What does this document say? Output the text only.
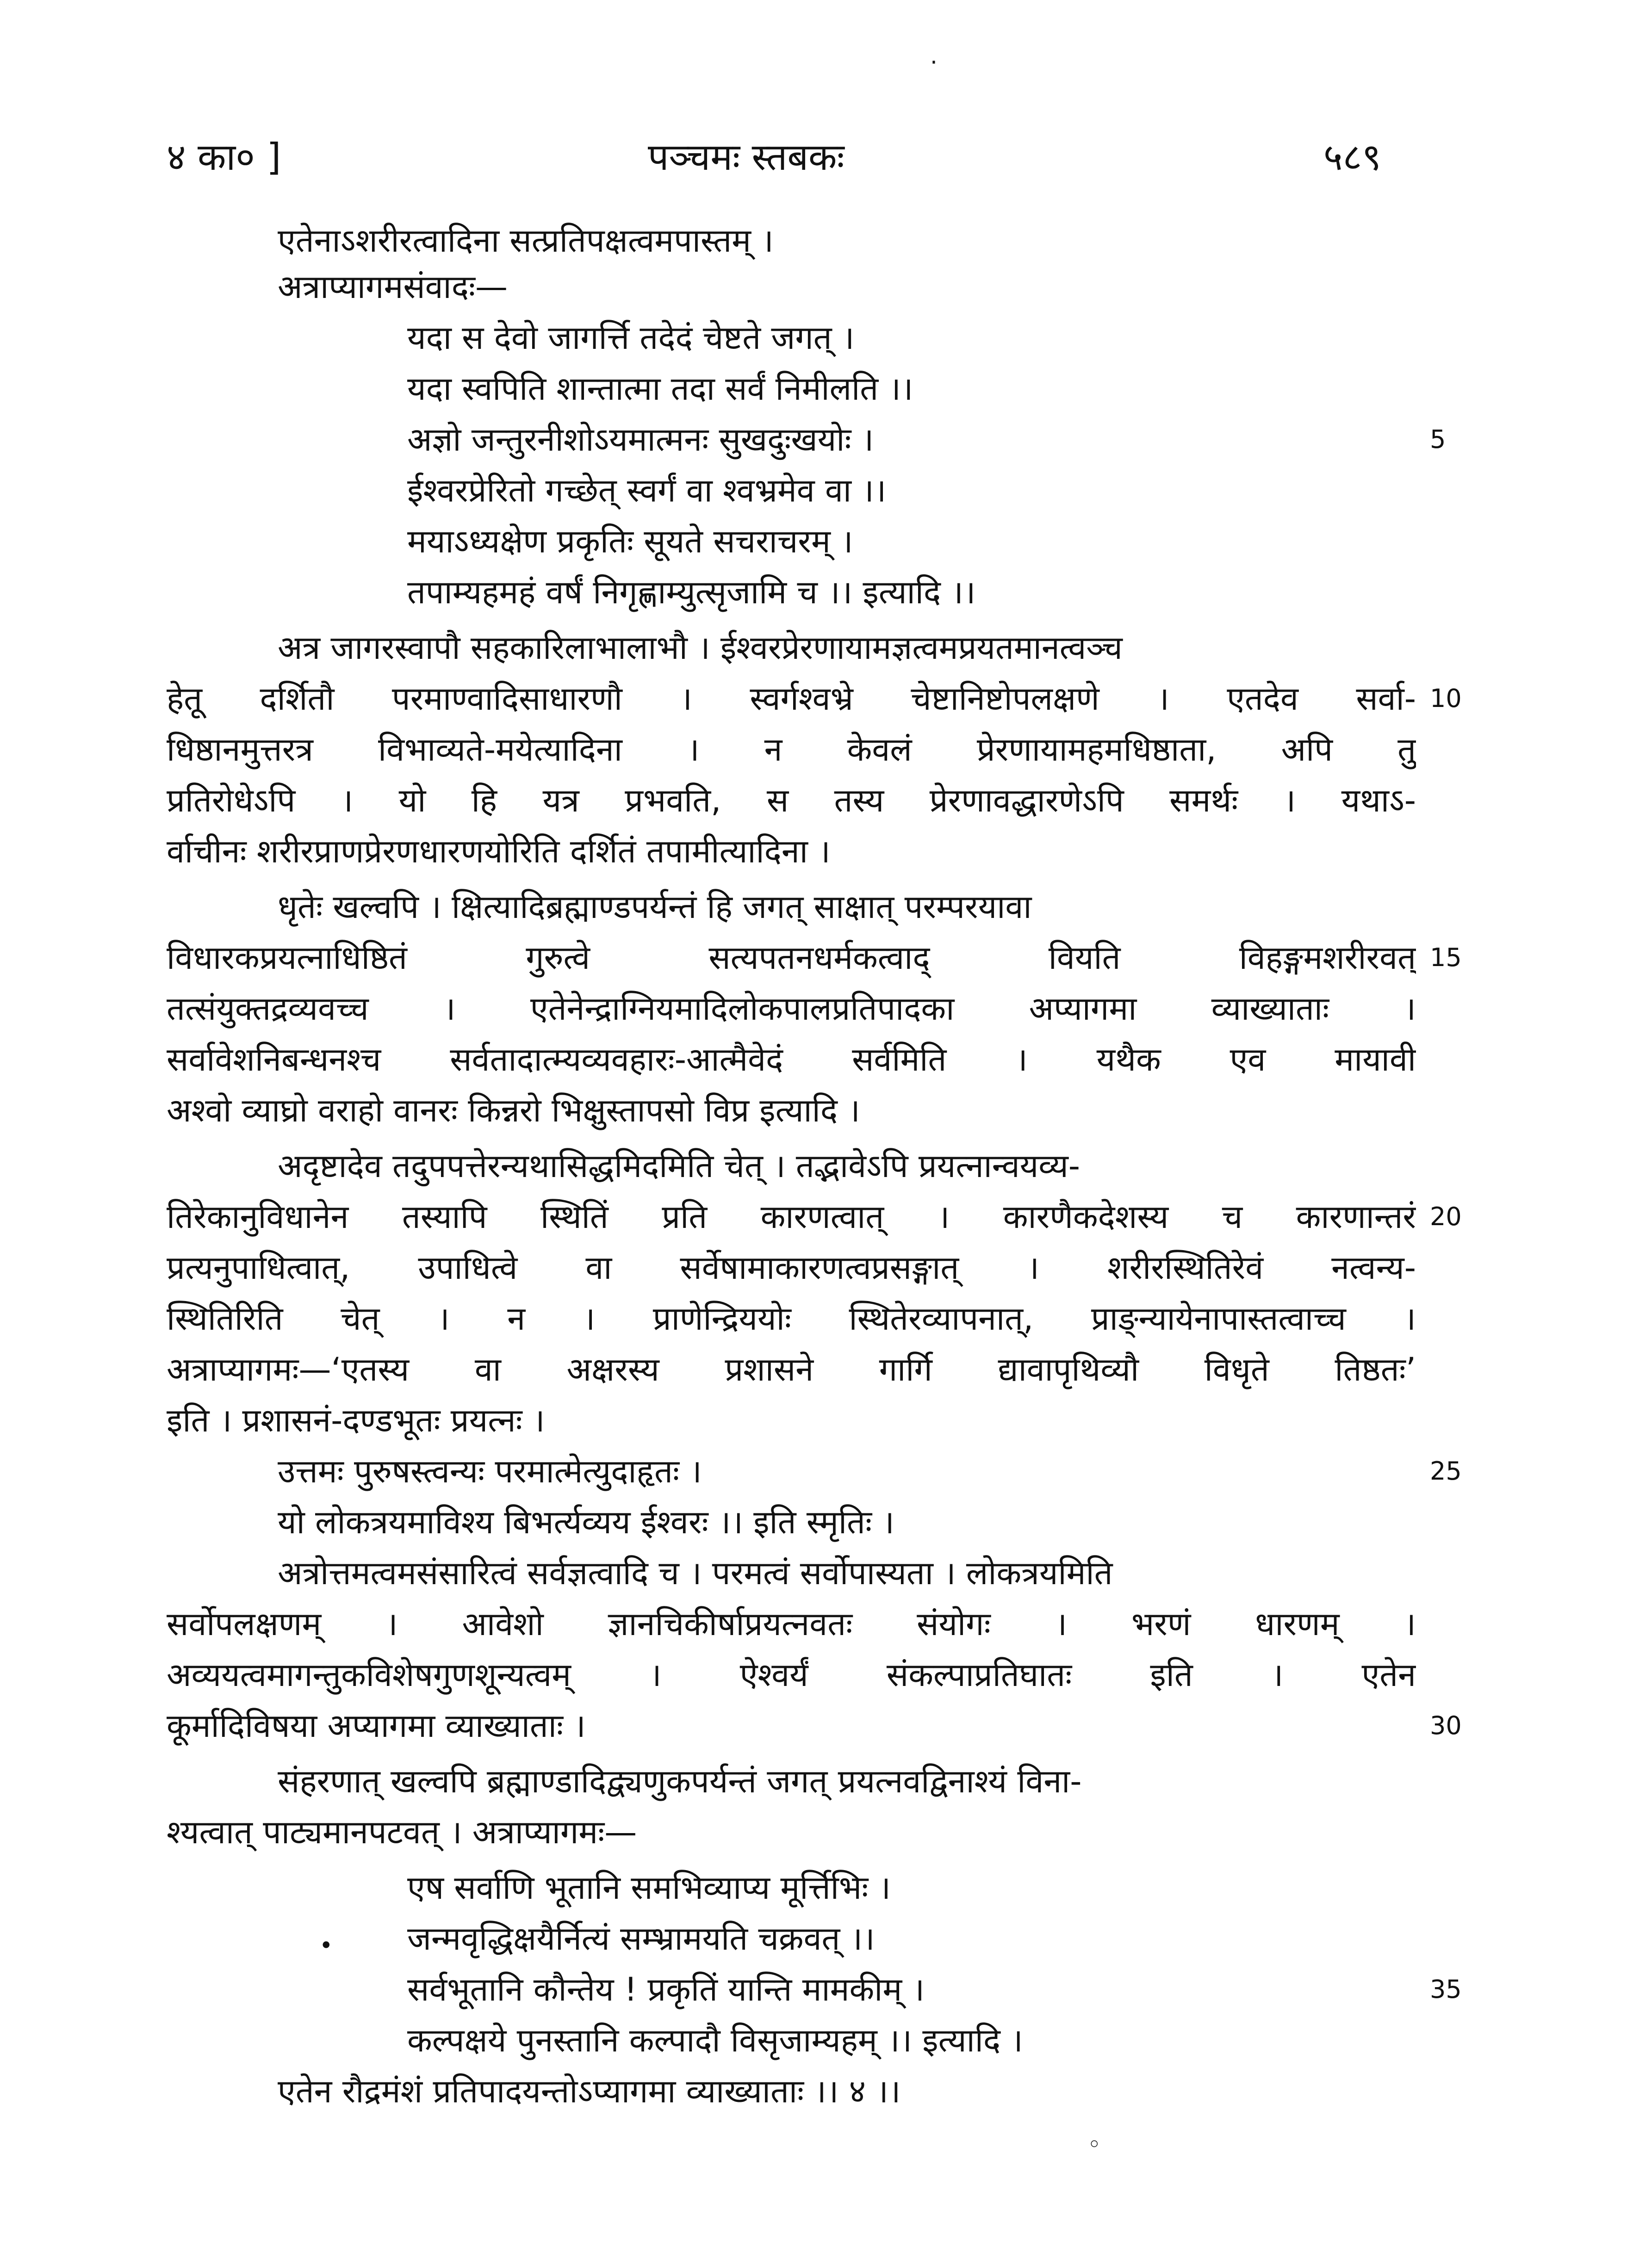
·
४ का० ]	पञ्चमः स्तबकः	५८९
एतेनाऽशरीरत्वादिना सत्प्रतिपक्षत्वमपास्तम् ।
अत्राप्यागमसंवादः—
यदा स देवो जागर्त्ति तदेदं चेष्टते जगत् ।
यदा स्वपिति शान्तात्मा तदा सर्वं निमीलति ।।
अज्ञो जन्तुरनीशोऽयमात्मनः सुखदुःखयोः ।
ईश्वरप्रेरितो गच्छेत् स्वर्गं वा श्वभ्रमेव वा ।।
मयाऽध्यक्षेण प्रकृतिः सूयते सचराचरम् ।
तपाम्यहमहं वर्षं निगृह्णाम्युत्सृजामि च ।। इत्यादि ।।
अत्र जागरस्वापौ सहकारिलाभालाभौ । ईश्वरप्रेरणायामज्ञत्वमप्रयतमानत्वञ्च
हेतू दर्शितौ परमाण्वादिसाधारणौ । स्वर्गश्वभ्रे चेष्टानिष्टोपलक्षणे । एतदेव सर्वा-
धिष्ठानमुत्तरत्र विभाव्यते-मयेत्यादिना । न केवलं प्रेरणायामहमधिष्ठाता, अपि तु
प्रतिरोधेऽपि । यो हि यत्र प्रभवति, स तस्य प्रेरणावद्धारणेऽपि समर्थः । यथाऽ-
र्वाचीनः शरीरप्राणप्रेरणधारणयोरिति दर्शितं तपामीत्यादिना ।
धृतेः खल्वपि । क्षित्यादिब्रह्माण्डपर्यन्तं हि जगत् साक्षात् परम्परयावा
विधारकप्रयत्नाधिष्ठितं गुरुत्वे सत्यपतनधर्मकत्वाद् वियति विहङ्गमशरीरवत्
तत्संयुक्तद्रव्यवच्च । एतेनेन्द्राग्नियमादिलोकपालप्रतिपादका अप्यागमा व्याख्याताः ।
सर्वावेशनिबन्धनश्च सर्वतादात्म्यव्यवहारः-आत्मैवेदं सर्वमिति । यथैक एव मायावी
अश्वो व्याघ्रो वराहो वानरः किन्नरो भिक्षुस्तापसो विप्र इत्यादि ।
अदृष्टादेव तदुपपत्तेरन्यथासिद्धमिदमिति चेत् । तद्भावेऽपि प्रयत्नान्वयव्य-
तिरेकानुविधानेन तस्यापि स्थितिं प्रति कारणत्वात् । कारणैकदेशस्य च कारणान्तरं
प्रत्यनुपाधित्वात्, उपाधित्वे वा सर्वेषामाकारणत्वप्रसङ्गात् । शरीरस्थितिरेवं नत्वन्य-
स्थितिरिति चेत् । न । प्राणेन्द्रिययोः स्थितेरव्यापनात्, प्राङ्न्यायेनापास्तत्वाच्च ।
अत्राप्यागमः—‘एतस्य वा अक्षरस्य प्रशासने गार्गि द्यावापृथिव्यौ विधृते तिष्ठतः’
इति । प्रशासनं-दण्डभूतः प्रयत्नः ।
उत्तमः पुरुषस्त्वन्यः परमात्मेत्युदाहृतः ।
यो लोकत्रयमाविश्य बिभर्त्यव्यय ईश्वरः ।। इति स्मृतिः ।
अत्रोत्तमत्वमसंसारित्वं सर्वज्ञत्वादि च । परमत्वं सर्वोपास्यता । लोकत्रयमिति
सर्वोपलक्षणम् । आवेशो ज्ञानचिकीर्षाप्रयत्नवतः संयोगः । भरणं धारणम् ।
अव्ययत्वमागन्तुकविशेषगुणशून्यत्वम् । ऐश्वर्यं संकल्पाप्रतिघातः इति । एतेन
कूर्मादिविषया अप्यागमा व्याख्याताः ।
संहरणात् खल्वपि ब्रह्माण्डादिद्व्यणुकपर्यन्तं जगत् प्रयत्नवद्विनाश्यं विना-
श्यत्वात् पाट्यमानपटवत् । अत्राप्यागमः—
एष सर्वाणि भूतानि समभिव्याप्य मूर्त्तिभिः ।
जन्मवृद्धिक्षयैर्नित्यं सम्भ्रामयति चक्रवत् ।।
सर्वभूतानि कौन्तेय ! प्रकृतिं यान्ति मामकीम् ।
कल्पक्षये पुनस्तानि कल्पादौ विसृजाम्यहम् ।। इत्यादि ।
एतेन रौद्रमंशं प्रतिपादयन्तोऽप्यागमा व्याख्याताः ।। ४ ।।
•
◦
5
10
15
20
25
30
35
